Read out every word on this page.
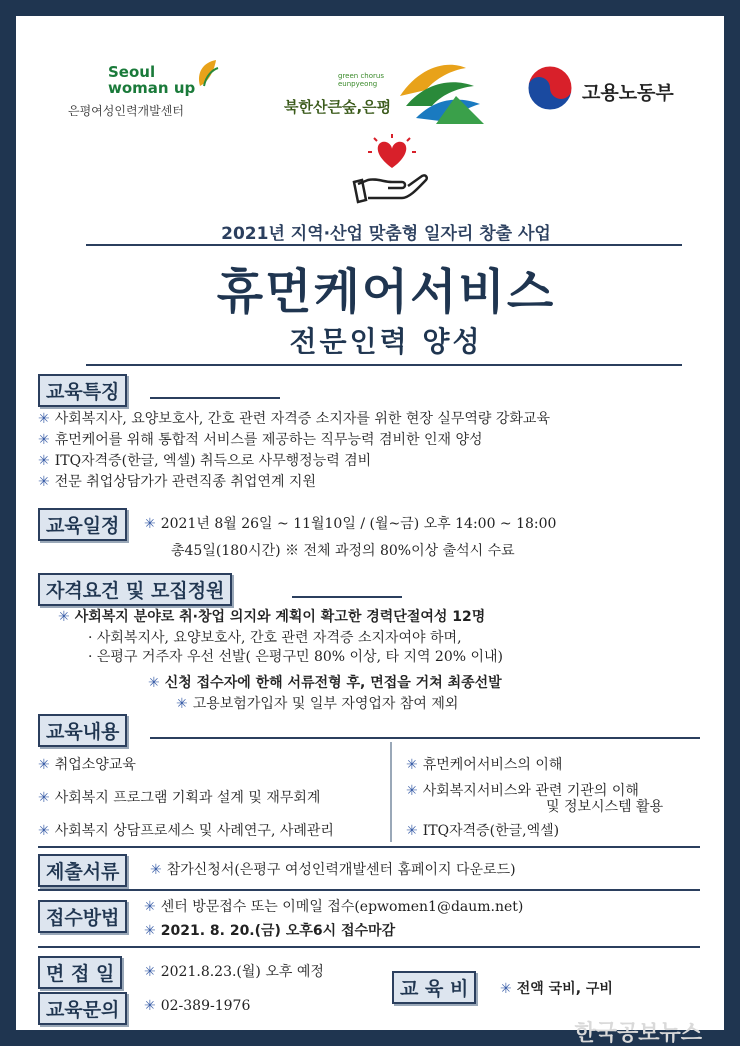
Seoul
woman up
은평여성인력개발센터
green chorus
eunpyeong
북한산큰숲,은평
고용노동부
2021년 지역·산업 맞춤형 일자리 창출 사업
휴먼케어서비스
전문인력 양성
교육특징
✳ 사회복지사, 요양보호사, 간호 관련 자격증 소지자를 위한 현장 실무역량 강화교육
✳ 휴먼케어를 위해 통합적 서비스를 제공하는 직무능력 겸비한 인재 양성
✳ ITQ자격증(한글, 엑셀) 취득으로 사무행정능력 겸비
✳ 전문 취업상담가가 관련직종 취업연계 지원
교육일정	✳ 2021년 8월 26일 ~ 11월10일 / (월~금) 오후 14:00 ~ 18:00
총45일(180시간) ※ 전체 과정의 80%이상 출석시 수료
자격요건 및 모집정원
✳ 사회복지 분야로 취·창업 의지와 계획이 확고한 경력단절여성 12명
· 사회복지사, 요양보호사, 간호 관련 자격증 소지자여야 하며,
· 은평구 거주자 우선 선발( 은평구민 80% 이상, 타 지역 20% 이내)
✳ 신청 접수자에 한해 서류전형 후, 면접을 거쳐 최종선발
✳ 고용보험가입자 및 일부 자영업자 참여 제외
교육내용
✳ 취업소양교육
✳ 사회복지 프로그램 기획과 설계 및 재무회계
✳ 사회복지 상담프로세스 및 사례연구, 사례관리
✳ 휴먼케어서비스의 이해
✳ 사회복지서비스와 관련 기관의 이해
및 정보시스템 활용
✳ ITQ자격증(한글,엑셀)
제출서류	✳ 참가신청서(은평구 여성인력개발센터 홈페이지 다운로드)
접수방법	✳ 센터 방문접수 또는 이메일 접수(epwomen1@daum.net)
✳ 2021. 8. 20.(금) 오후6시 접수마감
면 접 일	✳ 2021.8.23.(월) 오후 예정
교 육 비	✳ 전액 국비, 구비
교육문의	✳ 02-389-1976
한국공보뉴스
